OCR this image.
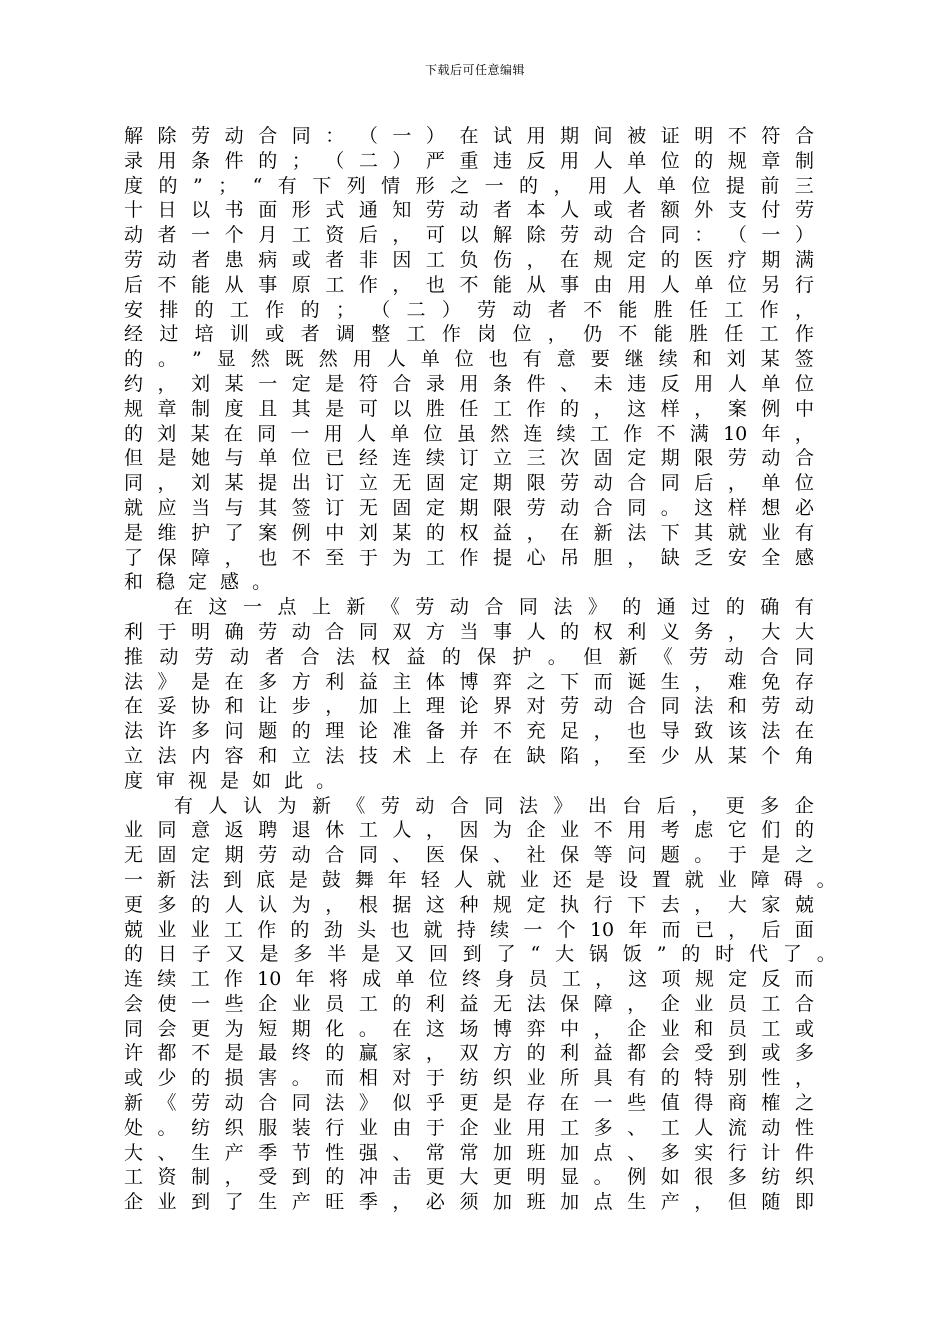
下载后可任意编辑
解 除 劳 动 合 同 ： （ 一 ） 在 试 用 期 间 被 证 明 不 符 合
录 用 条 件 的 ； （ 二 ） 严 重 违 反 用 人 单 位 的 规 章 制
度 的 ” ； “ 有 下 列 情 形 之 一 的 ， 用 人 单 位 提 前 三
十 日 以 书 面 形 式 通 知 劳 动 者 本 人 或 者 额 外 支 付 劳
动 者 一 个 月 工 资 后 ， 可 以 解 除 劳 动 合 同 ： （ 一 ）
劳 动 者 患 病 或 者 非 因 工 负 伤 ， 在 规 定 的 医 疗 期 满
后 不 能 从 事 原 工 作 ， 也 不 能 从 事 由 用 人 单 位 另 行
安 排 的 工 作 的 ； （ 二 ） 劳 动 者 不 能 胜 任 工 作 ，
经 过 培 训 或 者 调 整 工 作 岗 位 ， 仍 不 能 胜 任 工 作
的 。 ” 显 然 既 然 用 人 单 位 也 有 意 要 继 续 和 刘 某 签
约 ， 刘 某 一 定 是 符 合 录 用 条 件 、 未 违 反 用 人 单 位
规 章 制 度 且 其 是 可 以 胜 任 工 作 的 ， 这 样 ， 案 例 中
的 刘 某 在 同 一 用 人 单 位 虽 然 连 续 工 作 不 满 10 年 ，
但 是 她 与 单 位 已 经 连 续 订 立 三 次 固 定 期 限 劳 动 合
同 ， 刘 某 提 出 订 立 无 固 定 期 限 劳 动 合 同 后 ， 单 位
就 应 当 与 其 签 订 无 固 定 期 限 劳 动 合 同 。 这 样 想 必
是 维 护 了 案 例 中 刘 某 的 权 益 ， 在 新 法 下 其 就 业 有
了 保 障 ， 也 不 至 于 为 工 作 提 心 吊 胆 ， 缺 乏 安 全 感
和 稳 定 感 。
在 这 一 点 上 新 《 劳 动 合 同 法 》 的 通 过 的 确 有
利 于 明 确 劳 动 合 同 双 方 当 事 人 的 权 利 义 务 ， 大 大
推 动 劳 动 者 合 法 权 益 的 保 护 。 但 新 《 劳 动 合 同
法 》 是 在 多 方 利 益 主 体 博 弈 之 下 而 诞 生 ， 难 免 存
在 妥 协 和 让 步 ， 加 上 理 论 界 对 劳 动 合 同 法 和 劳 动
法 许 多 问 题 的 理 论 准 备 并 不 充 足 ， 也 导 致 该 法 在
立 法 内 容 和 立 法 技 术 上 存 在 缺 陷 ， 至 少 从 某 个 角
度 审 视 是 如 此 。
有 人 认 为 新 《 劳 动 合 同 法 》 出 台 后 ， 更 多 企
业 同 意 返 聘 退 休 工 人 ， 因 为 企 业 不 用 考 虑 它 们 的
无 固 定 期 劳 动 合 同 、 医 保 、 社 保 等 问 题 。 于 是 之
一 新 法 到 底 是 鼓 舞 年 轻 人 就 业 还 是 设 置 就 业 障 碍 。
更 多 的 人 认 为 ， 根 据 这 种 规 定 执 行 下 去 ， 大 家 兢
兢 业 业 工 作 的 劲 头 也 就 持 续 一 个 10 年 而 已 ， 后 面
的 日 子 又 是 多 半 是 又 回 到 了 “ 大 锅 饭 ” 的 时 代 了 。
连 续 工 作 10 年 将 成 单 位 终 身 员 工 ， 这 项 规 定 反 而
会 使 一 些 企 业 员 工 的 利 益 无 法 保 障 ， 企 业 员 工 合
同 会 更 为 短 期 化 。 在 这 场 博 弈 中 ， 企 业 和 员 工 或
许 都 不 是 最 终 的 赢 家 ， 双 方 的 利 益 都 会 受 到 或 多
或 少 的 损 害 。 而 相 对 于 纺 织 业 所 具 有 的 特 别 性 ，
新 《 劳 动 合 同 法 》 似 乎 更 是 存 在 一 些 值 得 商 榷 之
处 。 纺 织 服 装 行 业 由 于 企 业 用 工 多 、 工 人 流 动 性
大 、 生 产 季 节 性 强 、 常 常 加 班 加 点 、 多 实 行 计 件
工 资 制 ， 受 到 的 冲 击 更 大 更 明 显 。 例 如 很 多 纺 织
企 业 到 了 生 产 旺 季 ， 必 须 加 班 加 点 生 产 ， 但 随 即
